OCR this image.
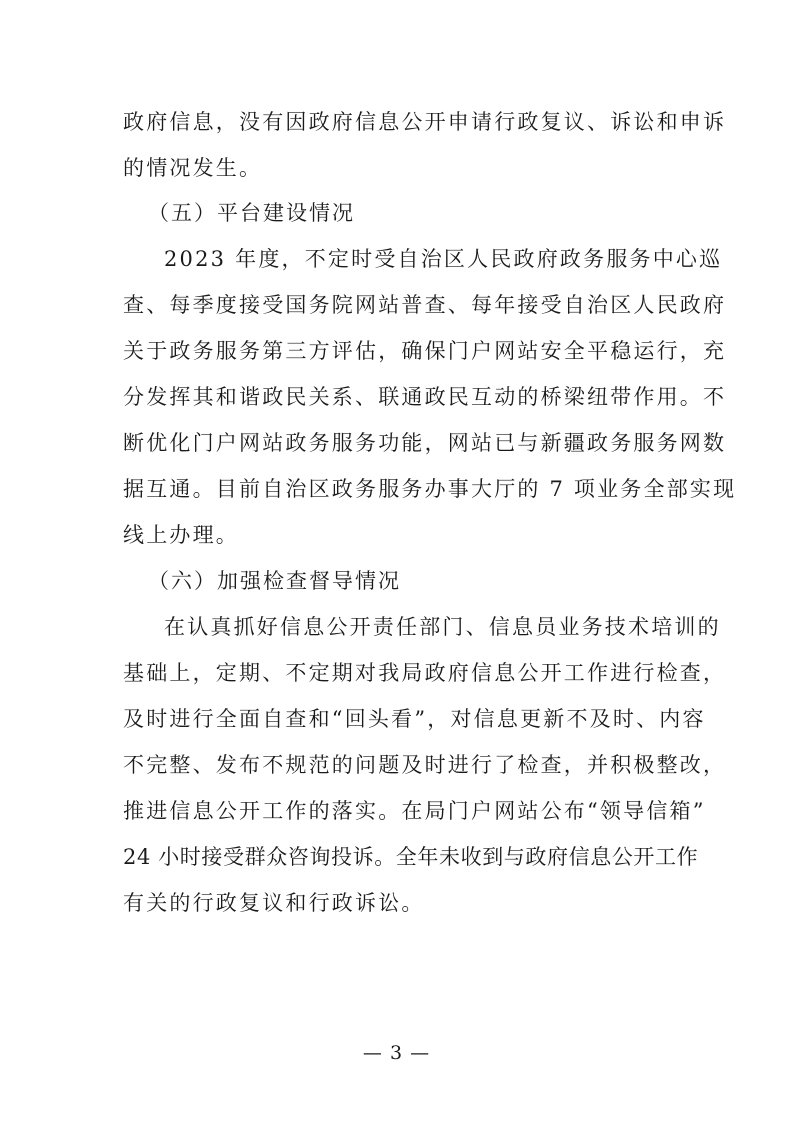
政府信息，没有因政府信息公开申请行政复议、诉讼和申诉
的情况发生。
（五）平台建设情况
2023 年度，不定时受自治区人民政府政务服务中心巡
查、每季度接受国务院网站普查、每年接受自治区人民政府
关于政务服务第三方评估，确保门户网站安全平稳运行，充
分发挥其和谐政民关系、联通政民互动的桥梁纽带作用。不
断优化门户网站政务服务功能，网站已与新疆政务服务网数
据互通。目前自治区政务服务办事大厅的 7 项业务全部实现
线上办理。
（六）加强检查督导情况
在认真抓好信息公开责任部门、信息员业务技术培训的
基础上，定期、不定期对我局政府信息公开工作进行检查，
及时进行全面自查和“回头看”，对信息更新不及时、内容
不完整、发布不规范的问题及时进行了检查，并积极整改，
推进信息公开工作的落实。在局门户网站公布“领导信箱”
24 小时接受群众咨询投诉。全年未收到与政府信息公开工作
有关的行政复议和行政诉讼。
— 3 —
